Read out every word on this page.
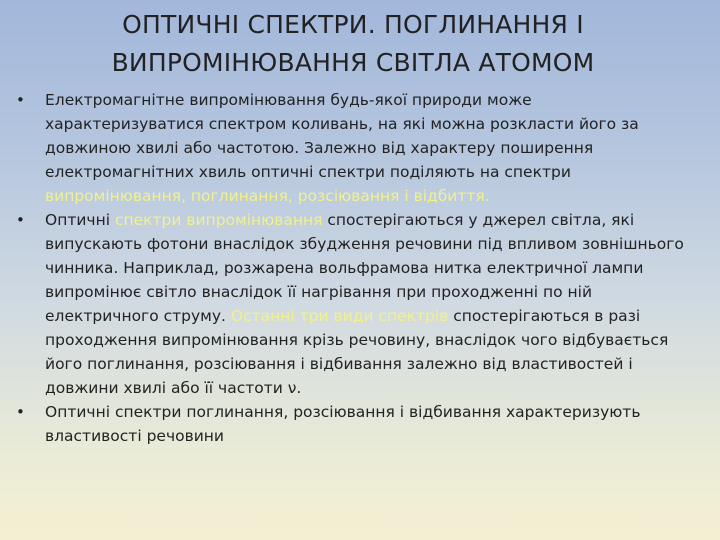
ОПТИЧНІ СПЕКТРИ. ПОГЛИНАННЯ І
ВИПРОМІНЮВАННЯ СВІТЛА АТОМОМ
• Електромагнітне випромінювання будь-якої природи може характеризуватися спектром коливань, на які можна розкласти його за довжиною хвилі або частотою. Залежно від характеру поширення електромагнітних хвиль оптичні спектри поділяють на спектри випромінювання, поглинання, розсіювання і відбиття.
• Оптичні спектри випромінювання спостерігаються у джерел світла, які випускають фотони внаслідок збудження речовини під впливом зовнішнього чинника. Наприклад, розжарена вольфрамова нитка електричної лампи випромінює світло внаслідок її нагрівання при проходженні по ній електричного струму. Останні три види спектрів спостерігаються в разі проходження випромінювання крізь речовину, внаслідок чого відбувається його поглинання, розсіювання і відбивання залежно від властивостей і довжини хвилі або її частоти ν.
• Оптичні спектри поглинання, розсіювання і відбивання характеризують властивості речовини
